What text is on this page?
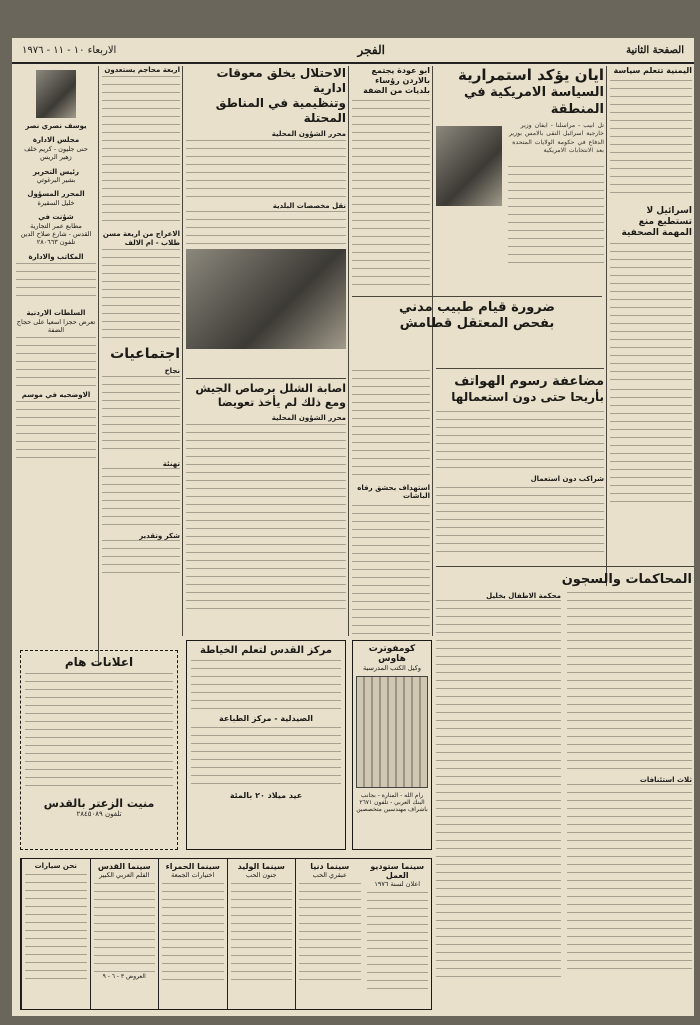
الصفحة الثانية
الفجر
الاربعاء ١٠ - ١١ - ١٩٧٦
اليمنية تتعلم سياسة
اسرائيل لا تستطيع منع
المهمة الصحفية
ايان يؤكد استمرارية
السياسة الامريكية في المنطقة
تل ابيب - مراسلنا - ايفان وزير خارجية اسرائيل التقى بالامس بوزير الدفاع في حكومة الولايات المتحدة بعد الانتخابات الامريكية
مضاعفة رسوم الهواتف
بأريحا حتى دون استعمالها
شراكب دون استعمال
المحاكمات والسجون
محكمة الاطفال بخليل
ثلاث استئنافات
ابو عودة يجتمع
بالاردن رؤساء
بلديات من الضفة
ضرورة قيام طبيب مدني
بفحص المعتقل قطامش
استهداف بحشق رفاه الباشات
الاحتلال يخلق معوقات ادارية
وتنظيمية في المناطق المحتلة
محرر الشؤون المحلية
نقل مخصصات البلدية
اصابة الشلل برصاص الجيش
ومع ذلك لم يأخذ تعويضا
محرر الشؤون المحلية
اربعة محاجم بستعدون
الاعراج من اربعة مسن طلاب - ام الالف
اجتماعيات
نجاح
تهنئة
شكر وتقدير
يوسف نصري نصر
مجلس الادارة
حنى جليون - كريم خلف
زهير الريس
رئيس التحرير
بشير البرغوثي
المحرر المسؤول
خليل السقيرة
شؤنت في
مطابع عمر التجارية
القدس - شارع صلاح الدين
تلفون ٢٨٠٦٦٣
المكاتب والادارة
السلطات الاردنية
تعرض حجزا اسعيا على حجاج الضفة
الاوضحيه في موسم
اعلانات هام
منيت الزعتر بالقدس
تلفون ٢٨٤٥٠٨٩
مركز القدس لتعلم الخياطة
الصيدلية - مركز الطباعة
عيد ميلاد ٢٠ بالمئة
كومفوترت هاوس
وكيل الكتب المدرسية
رام الله - المنارة - بجانب البنك العربي - تلفون ٢٦٧١
باشراف مهندسين متخصصين
نحن سيارات	سينما القدس
الفلم العربي الكبير
العروض ٣ - ٦ - ٩
سينما الحمراء
اختيارات الجمعة
سينما الوليد
جنون الحب
سينما دنيا
عبقري الحب
سينما ستوديو العمل
اعلان لسنة ١٩٧٦
